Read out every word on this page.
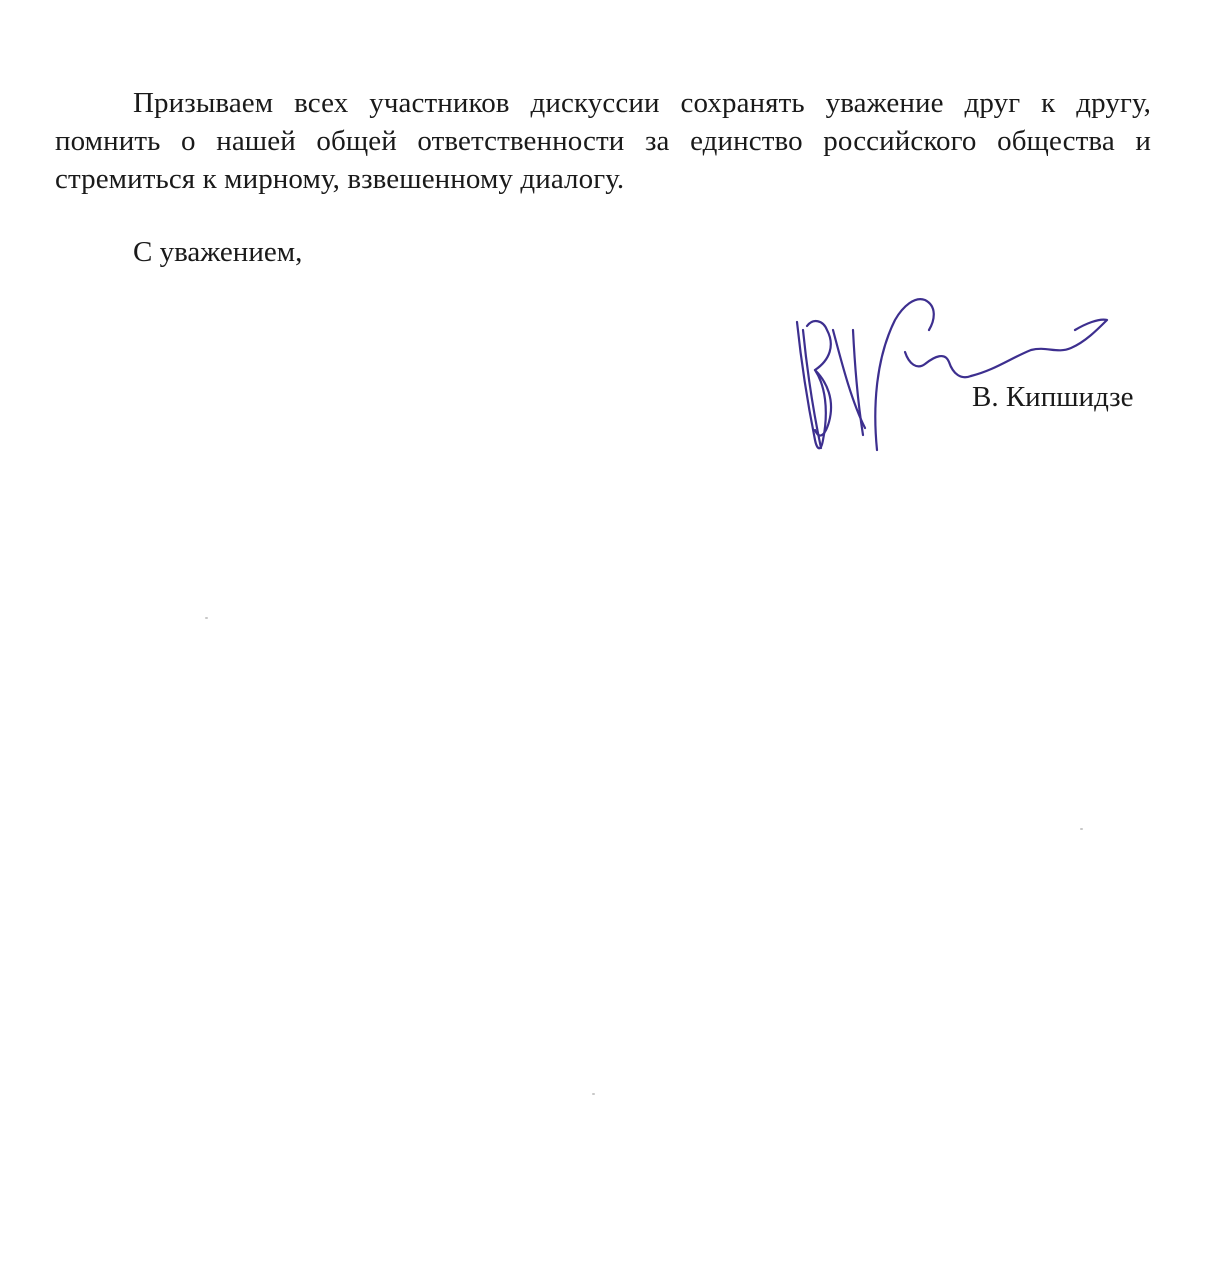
Призываем всех участников дискуссии сохранять уважение друг к другу, помнить о нашей общей ответственности за единство российского общества и стремиться к мирному, взвешенному диалогу.

С уважением,

В. Кипшидзе
